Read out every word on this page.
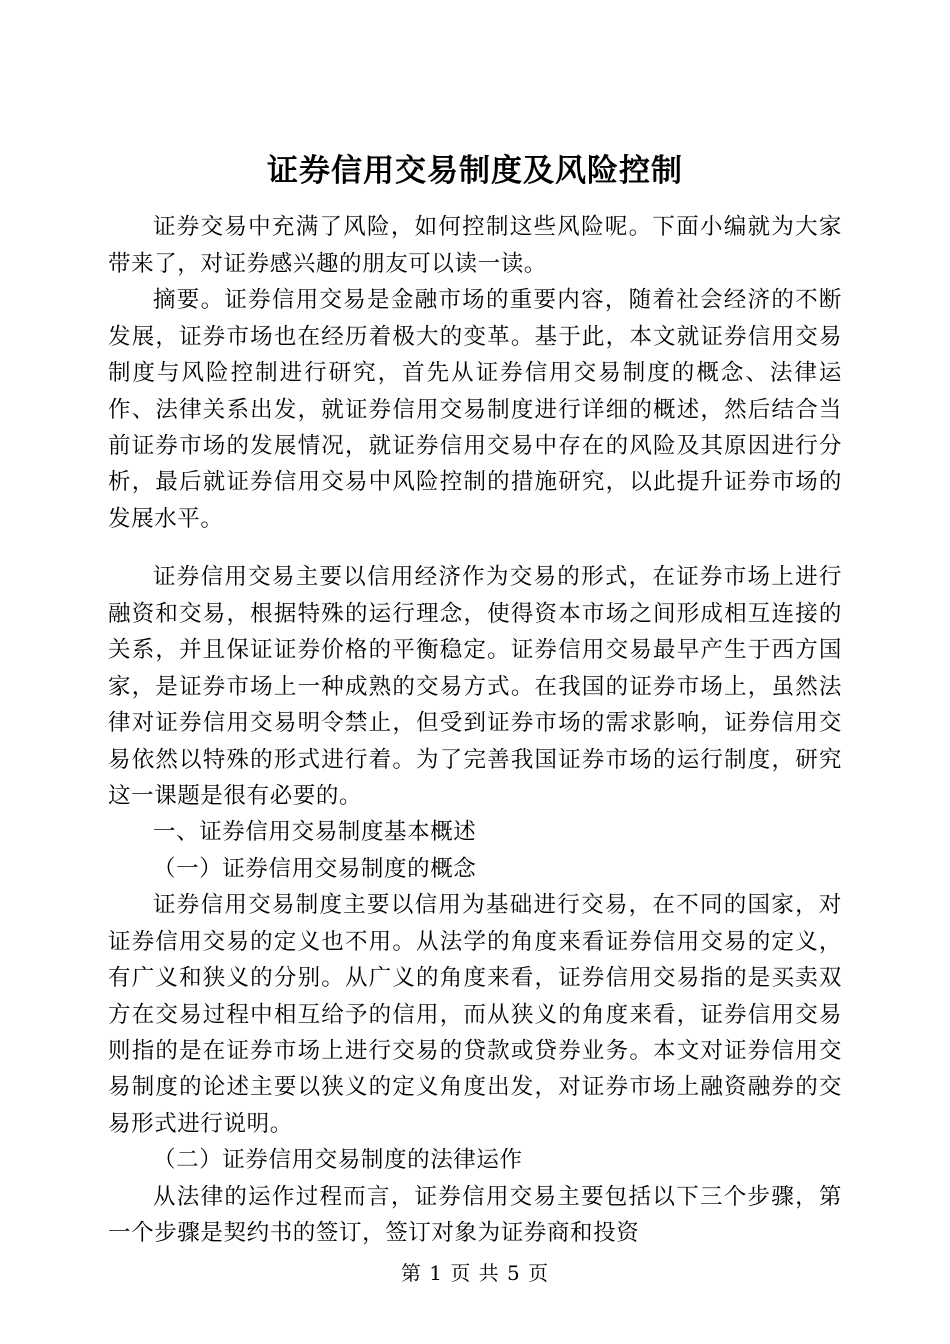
证券信用交易制度及风险控制

证券交易中充满了风险，如何控制这些风险呢。下面小编就为大家带来了，对证券感兴趣的朋友可以读一读。

摘要。证券信用交易是金融市场的重要内容，随着社会经济的不断发展，证券市场也在经历着极大的变革。基于此，本文就证券信用交易制度与风险控制进行研究，首先从证券信用交易制度的概念、法律运作、法律关系出发，就证券信用交易制度进行详细的概述，然后结合当前证券市场的发展情况，就证券信用交易中存在的风险及其原因进行分析，最后就证券信用交易中风险控制的措施研究，以此提升证券市场的发展水平。

证券信用交易主要以信用经济作为交易的形式，在证券市场上进行融资和交易，根据特殊的运行理念，使得资本市场之间形成相互连接的关系，并且保证证券价格的平衡稳定。证券信用交易最早产生于西方国家，是证券市场上一种成熟的交易方式。在我国的证券市场上，虽然法律对证券信用交易明令禁止，但受到证券市场的需求影响，证券信用交易依然以特殊的形式进行着。为了完善我国证券市场的运行制度，研究这一课题是很有必要的。

一、证券信用交易制度基本概述

（一）证券信用交易制度的概念

证券信用交易制度主要以信用为基础进行交易，在不同的国家，对证券信用交易的定义也不用。从法学的角度来看证券信用交易的定义，有广义和狭义的分别。从广义的角度来看，证券信用交易指的是买卖双方在交易过程中相互给予的信用，而从狭义的角度来看，证券信用交易则指的是在证券市场上进行交易的贷款或贷券业务。本文对证券信用交易制度的论述主要以狭义的定义角度出发，对证券市场上融资融券的交易形式进行说明。

（二）证券信用交易制度的法律运作

从法律的运作过程而言，证券信用交易主要包括以下三个步骤，第一个步骤是契约书的签订，签订对象为证券商和投资

第 1 页 共 5 页
